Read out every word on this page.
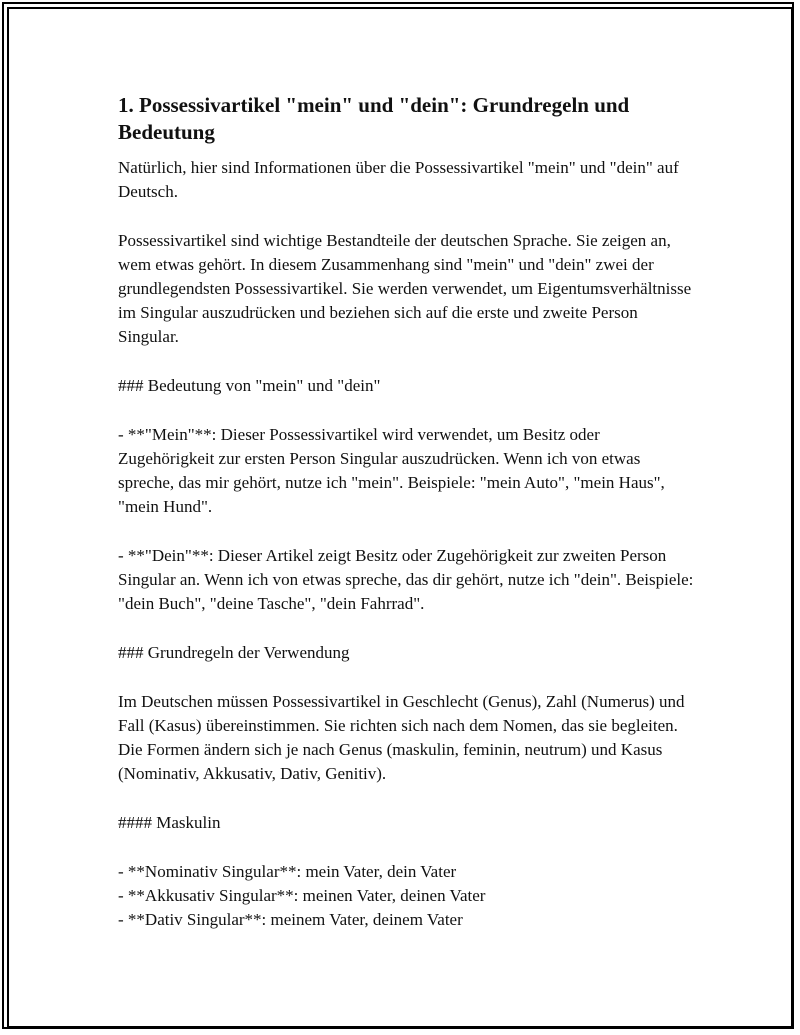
1. Possessivartikel "mein" und "dein": Grundregeln und Bedeutung

Natürlich, hier sind Informationen über die Possessivartikel "mein" und "dein" auf Deutsch.

Possessivartikel sind wichtige Bestandteile der deutschen Sprache. Sie zeigen an, wem etwas gehört. In diesem Zusammenhang sind "mein" und "dein" zwei der grundlegendsten Possessivartikel. Sie werden verwendet, um Eigentumsverhältnisse im Singular auszudrücken und beziehen sich auf die erste und zweite Person Singular.

### Bedeutung von "mein" und "dein"

- **"Mein"**: Dieser Possessivartikel wird verwendet, um Besitz oder Zugehörigkeit zur ersten Person Singular auszudrücken. Wenn ich von etwas spreche, das mir gehört, nutze ich "mein". Beispiele: "mein Auto", "mein Haus", "mein Hund".

- **"Dein"**: Dieser Artikel zeigt Besitz oder Zugehörigkeit zur zweiten Person Singular an. Wenn ich von etwas spreche, das dir gehört, nutze ich "dein". Beispiele: "dein Buch", "deine Tasche", "dein Fahrrad".

### Grundregeln der Verwendung

Im Deutschen müssen Possessivartikel in Geschlecht (Genus), Zahl (Numerus) und Fall (Kasus) übereinstimmen. Sie richten sich nach dem Nomen, das sie begleiten. Die Formen ändern sich je nach Genus (maskulin, feminin, neutrum) und Kasus (Nominativ, Akkusativ, Dativ, Genitiv).

#### Maskulin

- **Nominativ Singular**: mein Vater, dein Vater

- **Akkusativ Singular**: meinen Vater, deinen Vater

- **Dativ Singular**: meinem Vater, deinem Vater
